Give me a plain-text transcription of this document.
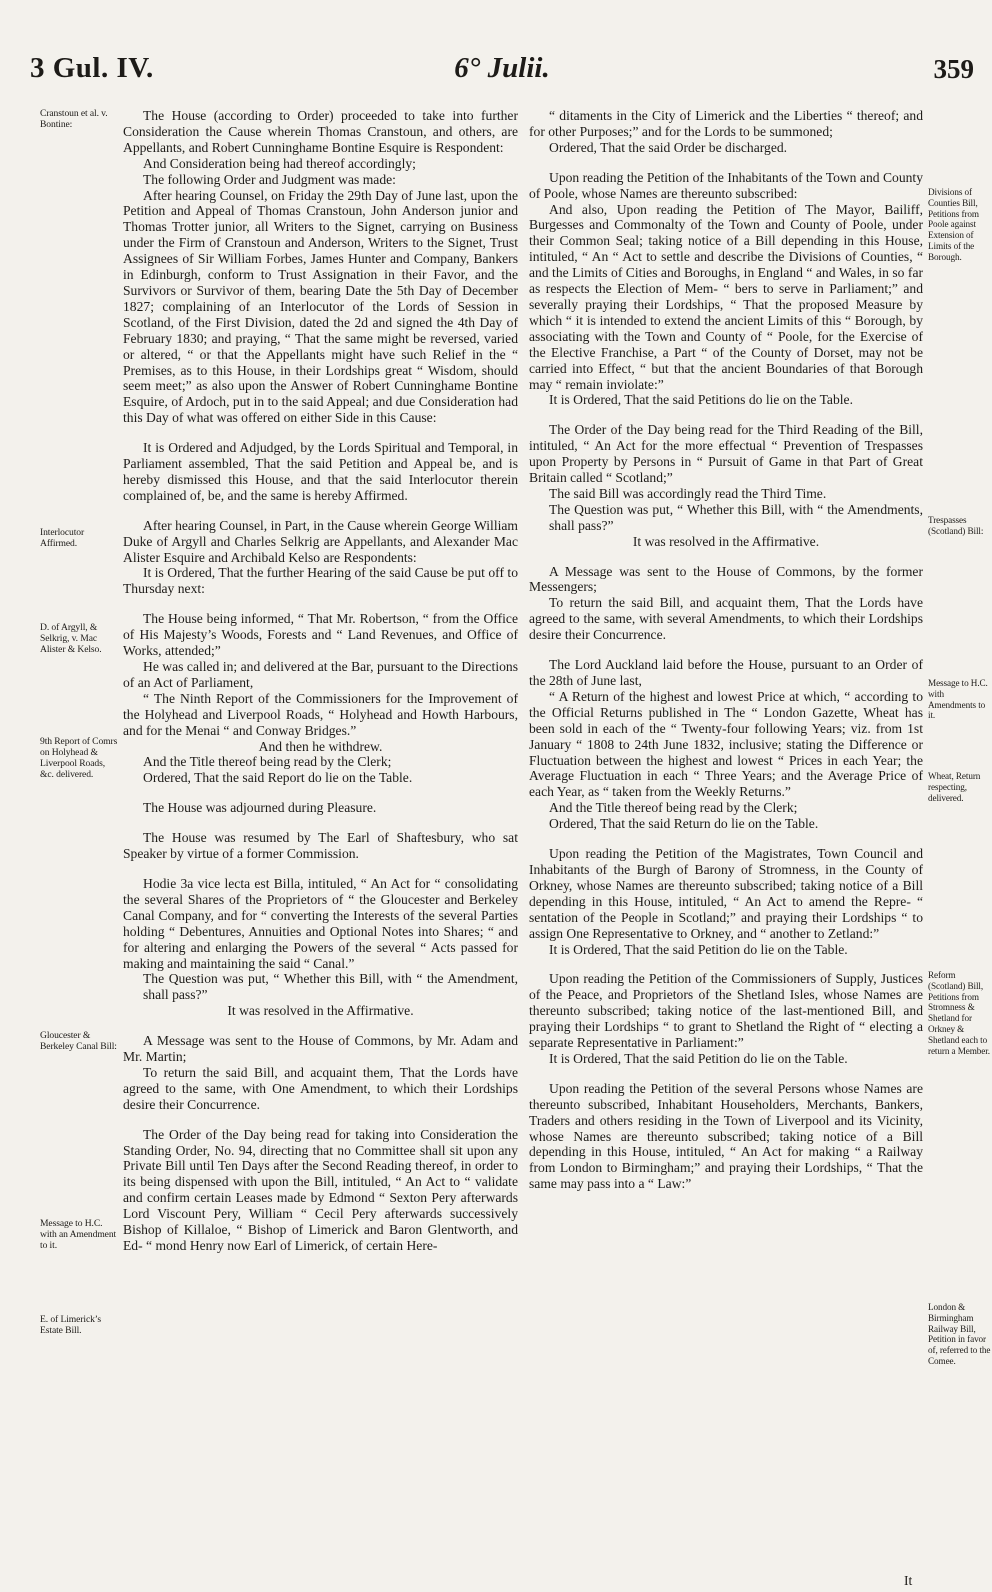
3 Gul. IV.	6° Julii.	359
Cranstoun et al. v. Bontine:
Interlocutor Affirmed.
D. of Argyll, & Selkrig, v. Mac Alister & Kelso.
9th Report of Comrs on Holyhead & Liverpool Roads, &c. delivered.
Gloucester & Berkeley Canal Bill:
Message to H.C. with an Amendment to it.
E. of Limerick’s Estate Bill.
Divisions of Counties Bill, Petitions from Poole against Extension of Limits of the Borough.
Trespasses (Scotland) Bill:
Message to H.C. with Amendments to it.
Wheat, Return respecting, delivered.
Reform (Scotland) Bill, Petitions from Stromness & Shetland for Orkney & Shetland each to return a Member.
London & Birmingham Railway Bill, Petition in favor of, referred to the Comee.

The House (according to Order) proceeded to take into further Consideration the Cause wherein Thomas Cranstoun, and others, are Appellants, and Robert Cunninghame Bontine Esquire is Respondent:

And Consideration being had thereof accordingly;

The following Order and Judgment was made:

After hearing Counsel, on Friday the 29th Day of June last, upon the Petition and Appeal of Thomas Cranstoun, John Anderson junior and Thomas Trotter junior, all Writers to the Signet, carrying on Business under the Firm of Cranstoun and Anderson, Writers to the Signet, Trust Assignees of Sir William Forbes, James Hunter and Company, Bankers in Edinburgh, conform to Trust Assignation in their Favor, and the Survivors or Survivor of them, bearing Date the 5th Day of December 1827; complaining of an Interlocutor of the Lords of Session in Scotland, of the First Division, dated the 2d and signed the 4th Day of February 1830; and praying, “ That the same might be reversed, varied or altered, “ or that the Appellants might have such Relief in the “ Premises, as to this House, in their Lordships great “ Wisdom, should seem meet;” as also upon the Answer of Robert Cunninghame Bontine Esquire, of Ardoch, put in to the said Appeal; and due Consideration had this Day of what was offered on either Side in this Cause:

It is Ordered and Adjudged, by the Lords Spiritual and Temporal, in Parliament assembled, That the said Petition and Appeal be, and is hereby dismissed this House, and that the said Interlocutor therein complained of, be, and the same is hereby Affirmed.

After hearing Counsel, in Part, in the Cause wherein George William Duke of Argyll and Charles Selkrig are Appellants, and Alexander Mac Alister Esquire and Archibald Kelso are Respondents:

It is Ordered, That the further Hearing of the said Cause be put off to Thursday next:

The House being informed, “ That Mr. Robertson, “ from the Office of His Majesty’s Woods, Forests and “ Land Revenues, and Office of Works, attended;”

He was called in; and delivered at the Bar, pursuant to the Directions of an Act of Parliament,

“ The Ninth Report of the Commissioners for the Improvement of the Holyhead and Liverpool Roads, “ Holyhead and Howth Harbours, and for the Menai “ and Conway Bridges.”

And then he withdrew.

And the Title thereof being read by the Clerk;

Ordered, That the said Report do lie on the Table.

The House was adjourned during Pleasure.

The House was resumed by The Earl of Shaftesbury, who sat Speaker by virtue of a former Commission.

Hodie 3a vice lecta est Billa, intituled, “ An Act for “ consolidating the several Shares of the Proprietors of “ the Gloucester and Berkeley Canal Company, and for “ converting the Interests of the several Parties holding “ Debentures, Annuities and Optional Notes into Shares; “ and for altering and enlarging the Powers of the several “ Acts passed for making and maintaining the said “ Canal.”

The Question was put, “ Whether this Bill, with “ the Amendment, shall pass?”

It was resolved in the Affirmative.

A Message was sent to the House of Commons, by Mr. Adam and Mr. Martin;

To return the said Bill, and acquaint them, That the Lords have agreed to the same, with One Amendment, to which their Lordships desire their Concurrence.

The Order of the Day being read for taking into Consideration the Standing Order, No. 94, directing that no Committee shall sit upon any Private Bill until Ten Days after the Second Reading thereof, in order to its being dispensed with upon the Bill, intituled, “ An Act to “ validate and confirm certain Leases made by Edmond “ Sexton Pery afterwards Lord Viscount Pery, William “ Cecil Pery afterwards successively Bishop of Killaloe, “ Bishop of Limerick and Baron Glentworth, and Ed- “ mond Henry now Earl of Limerick, of certain Here-

“ ditaments in the City of Limerick and the Liberties “ thereof; and for other Purposes;” and for the Lords to be summoned;

Ordered, That the said Order be discharged.

Upon reading the Petition of the Inhabitants of the Town and County of Poole, whose Names are thereunto subscribed:

And also, Upon reading the Petition of The Mayor, Bailiff, Burgesses and Commonalty of the Town and County of Poole, under their Common Seal; taking notice of a Bill depending in this House, intituled, “ An “ Act to settle and describe the Divisions of Counties, “ and the Limits of Cities and Boroughs, in England “ and Wales, in so far as respects the Election of Mem- “ bers to serve in Parliament;” and severally praying their Lordships, “ That the proposed Measure by which “ it is intended to extend the ancient Limits of this “ Borough, by associating with the Town and County of “ Poole, for the Exercise of the Elective Franchise, a Part “ of the County of Dorset, may not be carried into Effect, “ but that the ancient Boundaries of that Borough may “ remain inviolate:”

It is Ordered, That the said Petitions do lie on the Table.

The Order of the Day being read for the Third Reading of the Bill, intituled, “ An Act for the more effectual “ Prevention of Trespasses upon Property by Persons in “ Pursuit of Game in that Part of Great Britain called “ Scotland;”

The said Bill was accordingly read the Third Time.

The Question was put, “ Whether this Bill, with “ the Amendments, shall pass?”

It was resolved in the Affirmative.

A Message was sent to the House of Commons, by the former Messengers;

To return the said Bill, and acquaint them, That the Lords have agreed to the same, with several Amendments, to which their Lordships desire their Concurrence.

The Lord Auckland laid before the House, pursuant to an Order of the 28th of June last,

“ A Return of the highest and lowest Price at which, “ according to the Official Returns published in The “ London Gazette, Wheat has been sold in each of the “ Twenty-four following Years; viz. from 1st January “ 1808 to 24th June 1832, inclusive; stating the Difference or Fluctuation between the highest and lowest “ Prices in each Year; the Average Fluctuation in each “ Three Years; and the Average Price of each Year, as “ taken from the Weekly Returns.”

And the Title thereof being read by the Clerk;

Ordered, That the said Return do lie on the Table.

Upon reading the Petition of the Magistrates, Town Council and Inhabitants of the Burgh of Barony of Stromness, in the County of Orkney, whose Names are thereunto subscribed; taking notice of a Bill depending in this House, intituled, “ An Act to amend the Repre- “ sentation of the People in Scotland;” and praying their Lordships “ to assign One Representative to Orkney, and “ another to Zetland:”

It is Ordered, That the said Petition do lie on the Table.

Upon reading the Petition of the Commissioners of Supply, Justices of the Peace, and Proprietors of the Shetland Isles, whose Names are thereunto subscribed; taking notice of the last-mentioned Bill, and praying their Lordships “ to grant to Shetland the Right of “ electing a separate Representative in Parliament:”

It is Ordered, That the said Petition do lie on the Table.

Upon reading the Petition of the several Persons whose Names are thereunto subscribed, Inhabitant Householders, Merchants, Bankers, Traders and others residing in the Town of Liverpool and its Vicinity, whose Names are thereunto subscribed; taking notice of a Bill depending in this House, intituled, “ An Act for making “ a Railway from London to Birmingham;” and praying their Lordships, “ That the same may pass into a “ Law:”

It
